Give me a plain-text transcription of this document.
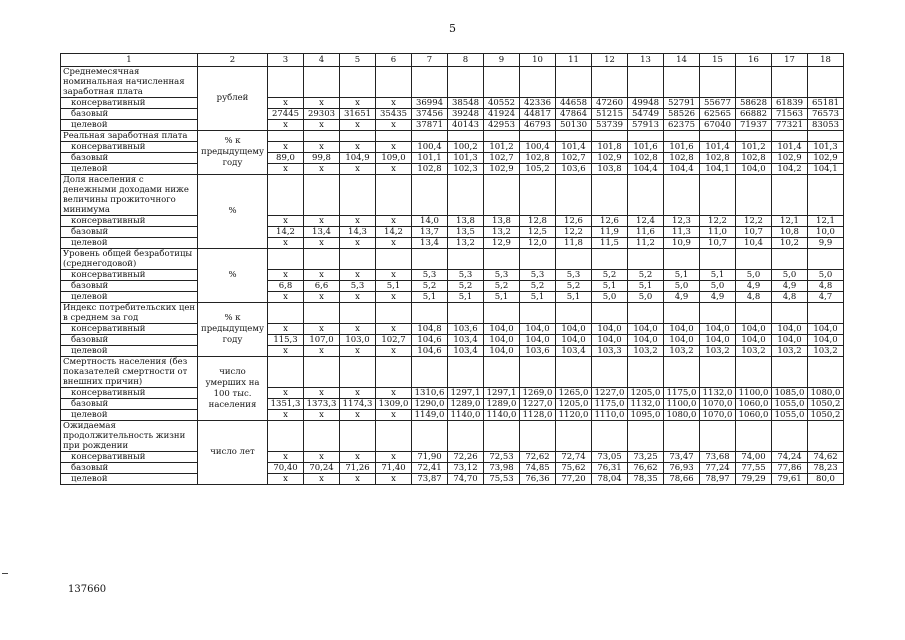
5
1	2	3	4	5	6	7	8	9	10	11	12	13	14	15	16	17	18
Среднемесячная номинальная начисленная заработная плата	рублей																
консервативный		x	x	x	x	36994	38548	40552	42336	44658	47260	49948	52791	55677	58628	61839	65181
базовый		27445	29303	31651	35435	37456	39248	41924	44817	47864	51215	54749	58526	62565	66882	71563	76573
целевой		x	x	x	x	37871	40143	42953	46793	50130	53739	57913	62375	67040	71937	77321	83053
Реальная заработная плата	% к предыдущему году																
консервативный		x	x	x	x	100,4	100,2	101,2	100,4	101,4	101,8	101,6	101,6	101,4	101,2	101,4	101,3
базовый		89,0	99,8	104,9	109,0	101,1	101,3	102,7	102,8	102,7	102,9	102,8	102,8	102,8	102,8	102,9	102,9
целевой		x	x	x	x	102,8	102,3	102,9	105,2	103,6	103,8	104,4	104,4	104,1	104,0	104,2	104,1
Доля населения с денежными доходами ниже величины прожиточного минимума	%																
консервативный		x	x	x	x	14,0	13,8	13,8	12,8	12,6	12,6	12,4	12,3	12,2	12,2	12,1	12,1
базовый		14,2	13,4	14,3	14,2	13,7	13,5	13,2	12,5	12,2	11,9	11,6	11,3	11,0	10,7	10,8	10,0
целевой		x	x	x	x	13,4	13,2	12,9	12,0	11,8	11,5	11,2	10,9	10,7	10,4	10,2	9,9
Уровень общей безработицы (среднегодовой)	%																
консервативный		x	x	x	x	5,3	5,3	5,3	5,3	5,3	5,2	5,2	5,1	5,1	5,0	5,0	5,0
базовый		6,8	6,6	5,3	5,1	5,2	5,2	5,2	5,2	5,2	5,1	5,1	5,0	5,0	4,9	4,9	4,8
целевой		x	x	x	x	5,1	5,1	5,1	5,1	5,1	5,0	5,0	4,9	4,9	4,8	4,8	4,7
Индекс потребительских цен в среднем за год	% к предыдущему году																
консервативный		x	x	x	x	104,8	103,6	104,0	104,0	104,0	104,0	104,0	104,0	104,0	104,0	104,0	104,0
базовый		115,3	107,0	103,0	102,7	104,6	103,4	104,0	104,0	104,0	104,0	104,0	104,0	104,0	104,0	104,0	104,0
целевой		x	x	x	x	104,6	103,4	104,0	103,6	103,4	103,3	103,2	103,2	103,2	103,2	103,2	103,2
Смертность населения (без показателей смертности от внешних причин)	число умерших на 100 тыс. населения																
консервативный		x	x	x	x	1310,6	1297,1	1297,1	1269,0	1265,0	1227,0	1205,0	1175,0	1132,0	1100,0	1085,0	1080,0
базовый		1351,3	1373,3	1174,3	1309,0	1290,0	1289,0	1289,0	1227,0	1205,0	1175,0	1132,0	1100,0	1070,0	1060,0	1055,0	1050,2
целевой		x	x	x	x	1149,0	1140,0	1140,0	1128,0	1120,0	1110,0	1095,0	1080,0	1070,0	1060,0	1055,0	1050,2
Ожидаемая продолжительность жизни при рождении	число лет																
консервативный		x	x	x	x	71,90	72,26	72,53	72,62	72,74	73,05	73,25	73,47	73,68	74,00	74,24	74,62
базовый		70,40	70,24	71,26	71,40	72,41	73,12	73,98	74,85	75,62	76,31	76,62	76,93	77,24	77,55	77,86	78,23
целевой		x	x	x	x	73,87	74,70	75,53	76,36	77,20	78,04	78,35	78,66	78,97	79,29	79,61	80,0
137660
